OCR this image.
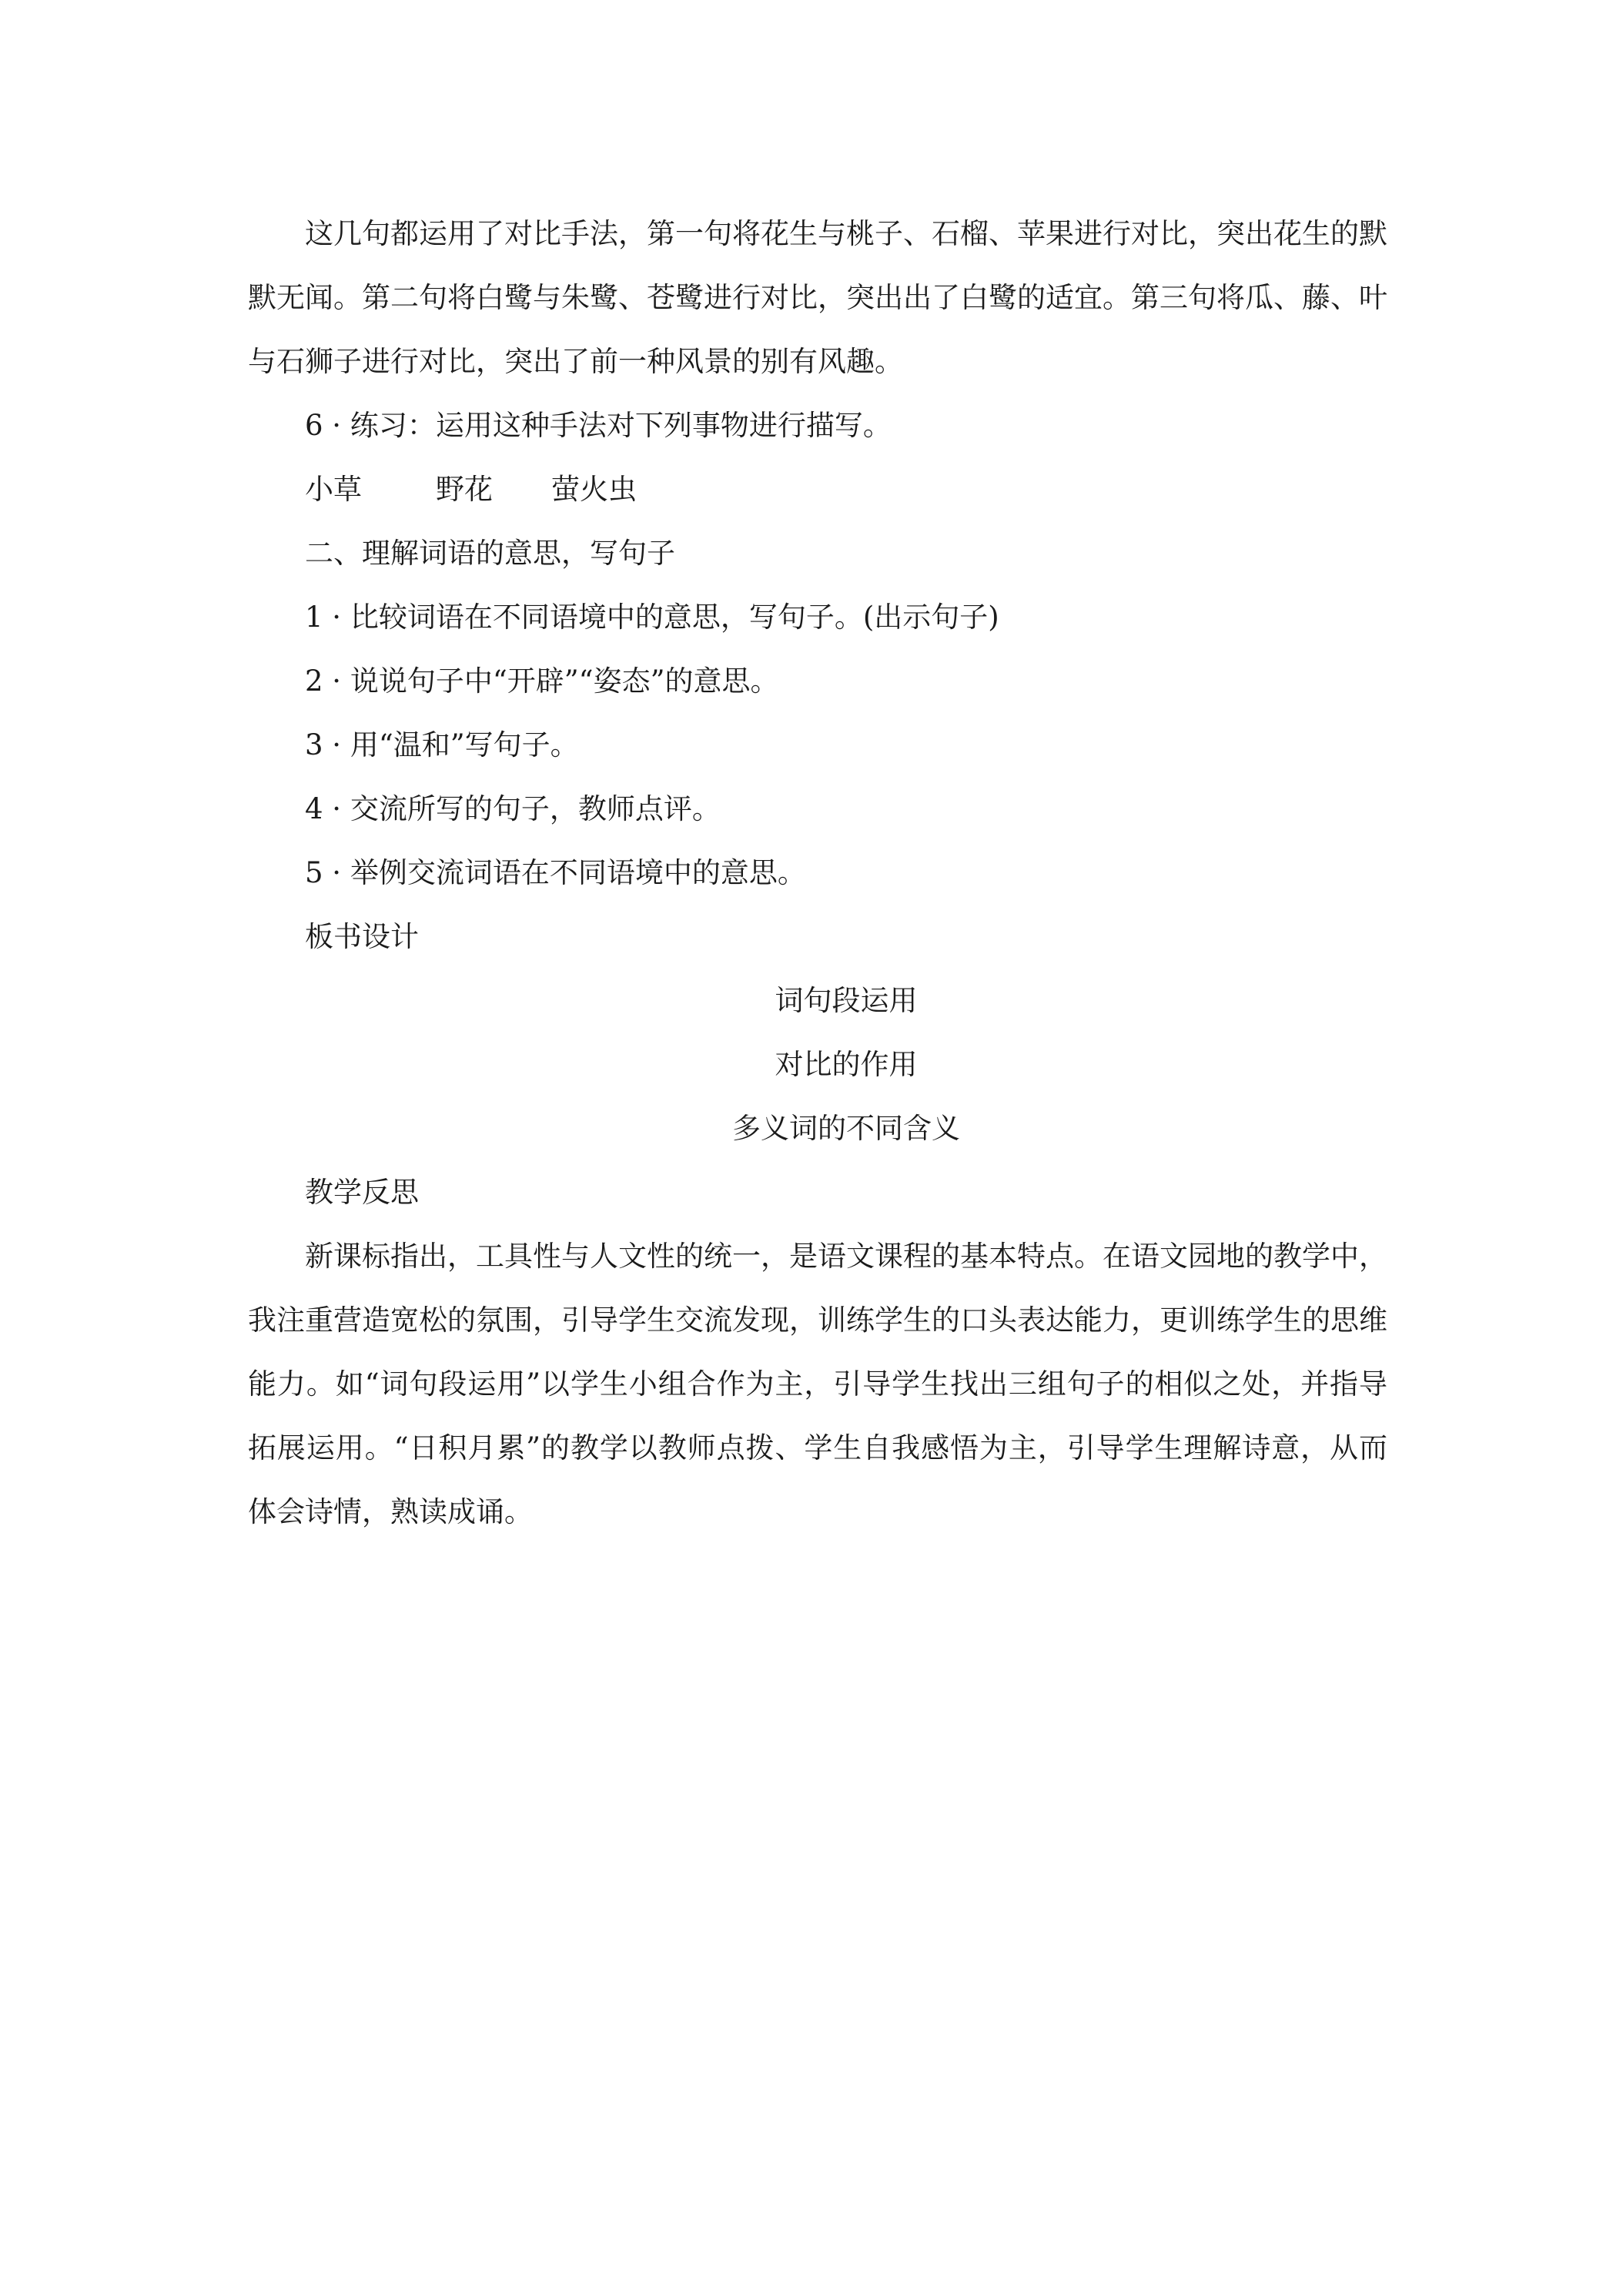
这几句都运用了对比手法，第一句将花生与桃子、石榴、苹果进行对比，突出花生的默默无闻。第二句将白鹭与朱鹭、苍鹭进行对比，突出出了白鹭的适宜。第三句将瓜、藤、叶与石狮子进行对比，突出了前一种风景的别有风趣。

6 · 练习：运用这种手法对下列事物进行描写。

小草	野花 萤火虫

二、理解词语的意思，写句子

1 · 比较词语在不同语境中的意思，写句子。(出示句子)

2 · 说说句子中“开辟”“姿态”的意思。

3 · 用“温和”写句子。

4 · 交流所写的句子，教师点评。

5 · 举例交流词语在不同语境中的意思。

板书设计

词句段运用

对比的作用

多义词的不同含义

教学反思

新课标指出，工具性与人文性的统一，是语文课程的基本特点。在语文园地的教学中，我注重营造宽松的氛围，引导学生交流发现，训练学生的口头表达能力，更训练学生的思维能力。如“词句段运用”以学生小组合作为主，引导学生找出三组句子的相似之处，并指导拓展运用。“日积月累”的教学以教师点拨、学生自我感悟为主，引导学生理解诗意，从而体会诗情，熟读成诵。
